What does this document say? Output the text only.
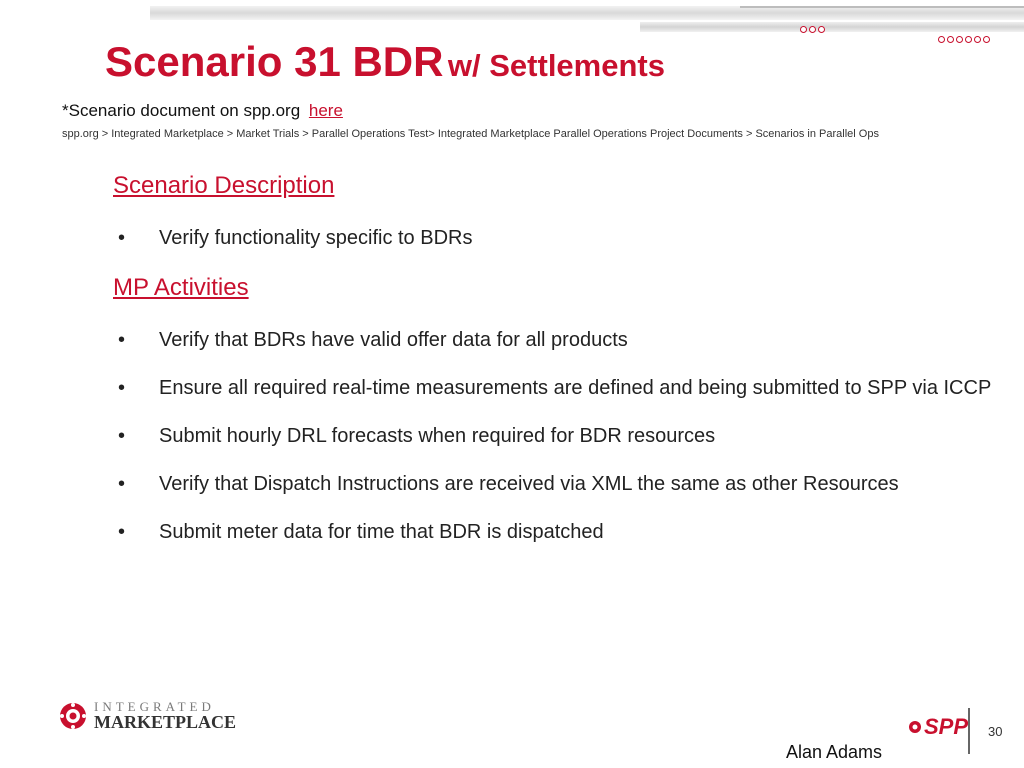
Scenario 31 BDR w/ Settlements
*Scenario document on spp.org here
spp.org > Integrated Marketplace > Market Trials > Parallel Operations Test> Integrated Marketplace Parallel Operations Project Documents > Scenarios in Parallel Ops
Scenario Description
• Verify functionality specific to BDRs
MP Activities
• Verify that BDRs have valid offer data for all products
• Ensure all required real-time measurements are defined and being submitted to SPP via ICCP
• Submit hourly DRL forecasts when required for BDR resources
• Verify that Dispatch Instructions are received via XML the same as other Resources
• Submit meter data for time that BDR is dispatched
INTEGRATED
MARKETPLACE	SPP 30
Alan Adams
